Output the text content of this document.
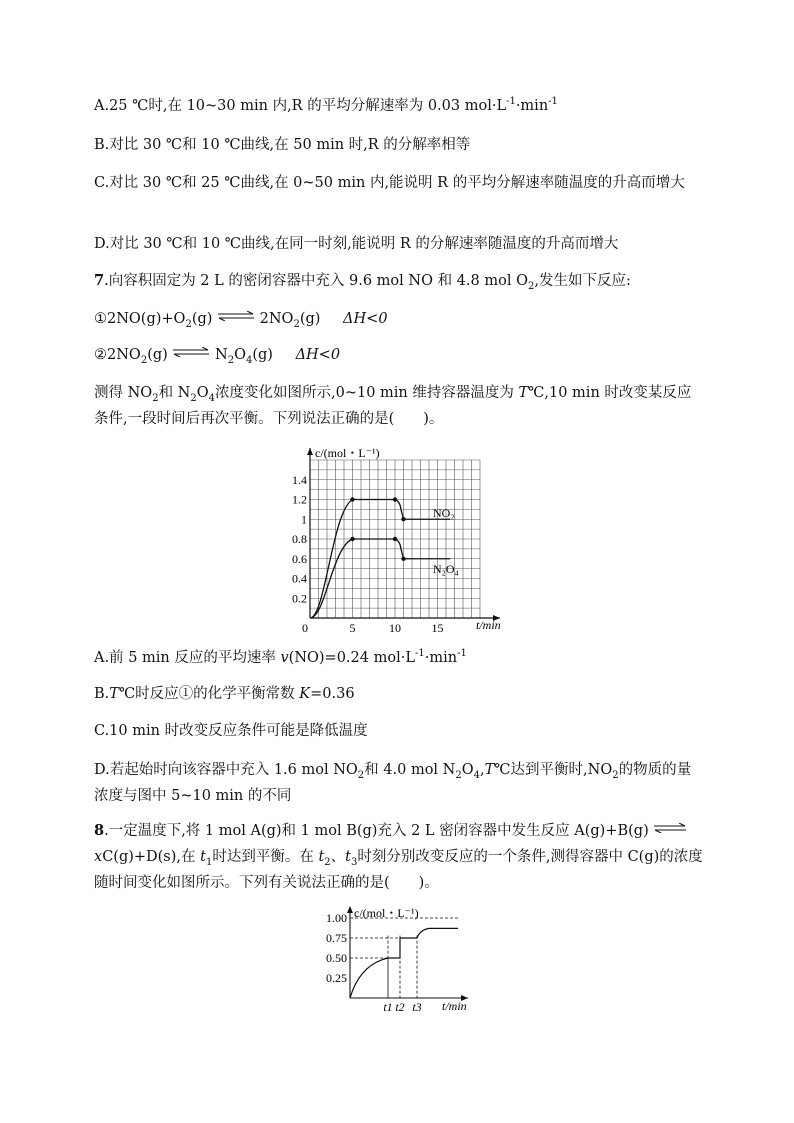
A.25 ℃时,在 10~30 min 内,R 的平均分解速率为 0.03 $mol\cdot L^{-1}\cdot\min^{-1}$
B.对比 30 ℃和 10 ℃曲线,在 50 min 时,R 的分解率相等
C.对比 30 ℃和 25 ℃曲线,在 0~50 min 内,能说明 R 的平均分解速率随温度的升高而增大
D.对比 30 ℃和 10 ℃曲线,在同一时刻,能说明 R 的分解速率随温度的升高而增大
7.向容积固定为 2 L 的密闭容器中充入 9.6 mol NO 和 4.8 mol $O_2$,发生如下反应:
$①2NO(g)+O_2(g)$ ⇌ $2NO_2(g)$ ΔH<0
$②2NO_2(g)$ ⇌ $N_2O_4(g)$ ΔH<0
测得 $NO_2$和 $N_2O_4$浓度变化如图所示,0~10 min 维持容器温度为 T℃,10 min 时改变某反应条件,一段时间后再次平衡。下列说法正确的是(　　)。
0.2
0.4
0.6
0.8
1
1.2
1.4
0	5	10	15
c/(mol・L⁻¹)
t/min
NO₂
N₂O₄
A.前 5 min 反应的平均速率 v(NO)=0.24 $mol\cdot L^{-1}\cdot\min^{-1}$
B.T℃时反应①的化学平衡常数 K=0.36
C.10 min 时改变反应条件可能是降低温度
D.若起始时向该容器中充入 1.6 mol $NO_2$和 4.0 mol $N_2O_4,T℃$达到平衡时$,NO_2$的物质的量浓度与图中 5~10 min 的不同
8.一定温度下,将 1 mol A(g)和 1 mol B(g)充入 2 L 密闭容器中发生反应 A(g)+B(g) ⇌ xC(g)+D(s),在 $t_1$时达到平衡。在 $t_2$、$t_3$时刻分别改变反应的一个条件,测得容器中 C(g)的浓度随时间变化如图所示。下列有关说法正确的是(　　)。
0.25
0.50
0.75
1.00
t1 t2 t3
c/(mol・L⁻¹)
t/min
